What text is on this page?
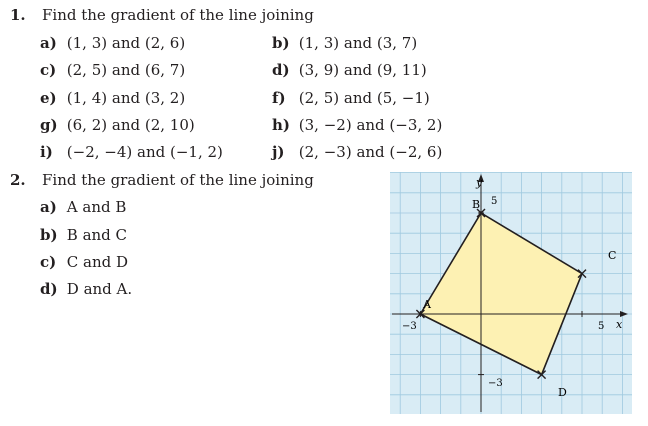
1. Find the gradient of the line joining
a) (1, 3) and (2, 6)	b) (1, 3) and (3, 7)
c) (2, 5) and (6, 7)	d) (3, 9) and (9, 11)
e) (1, 4) and (3, 2)	f) (2, 5) and (5, −1)
g) (6, 2) and (2, 10)	h) (3, −2) and (−3, 2)
i) (−2, −4) and (−1, 2)	j) (2, −3) and (−2, 6)
2. Find the gradient of the line joining
a) A and B
b) B and C
c) C and D
d) D and A.
y
x
5
−3
5
−3
A
B
C
D
